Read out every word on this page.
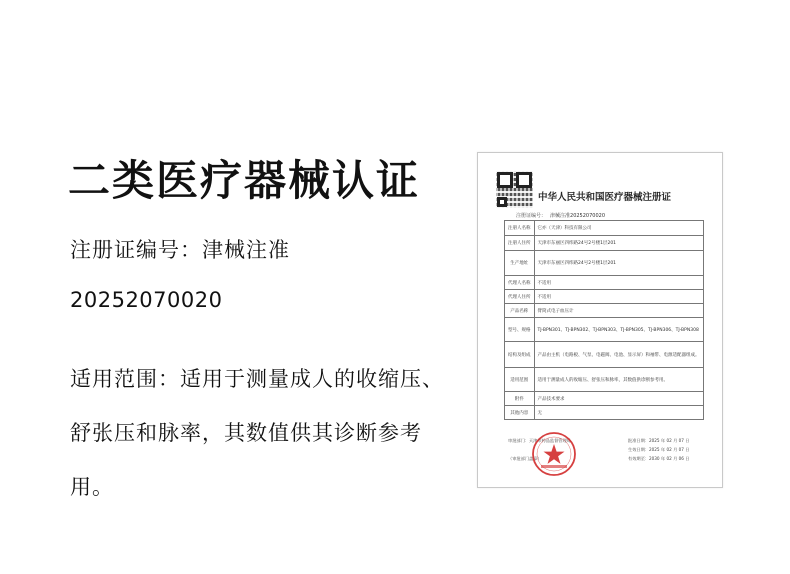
二类医疗器械认证
注册证编号：津械注准
20252070020
适用范围：适用于测量成人的收缩压、舒张压和脉率，其数值供其诊断参考用。
中华人民共和国医疗器械注册证
注册证编号： 津械注准20252070020
注册人名称	它亦（天津）科技有限公司
注册人住所	天津市东丽区四纬路24号2号楼1层201
生产地址	天津市东丽区四纬路24号2号楼1层201
代理人名称	不适用
代理人住所	不适用
产品名称	臂筒式电子血压计
型号、规格	TJ-BPN301、TJ-BPN302、TJ-BPN303、TJ-BPN305、TJ-BPN306、TJ-BPN308
结构及组成	产品由主机（电路板、气泵、电磁阀、电池、显示屏）和袖带、电源适配器组成。
适用范围	适用于测量成人的收缩压、舒张压和脉率，其数值供诊断参考用。
附件	产品技术要求
其他内容	无
审批部门：天津市药品监督管理局
（审批部门盖章）
批准日期：2025 年 02 月 07 日
生效日期：2025 年 02 月 07 日
有效期至：2030 年 02 月 06 日
